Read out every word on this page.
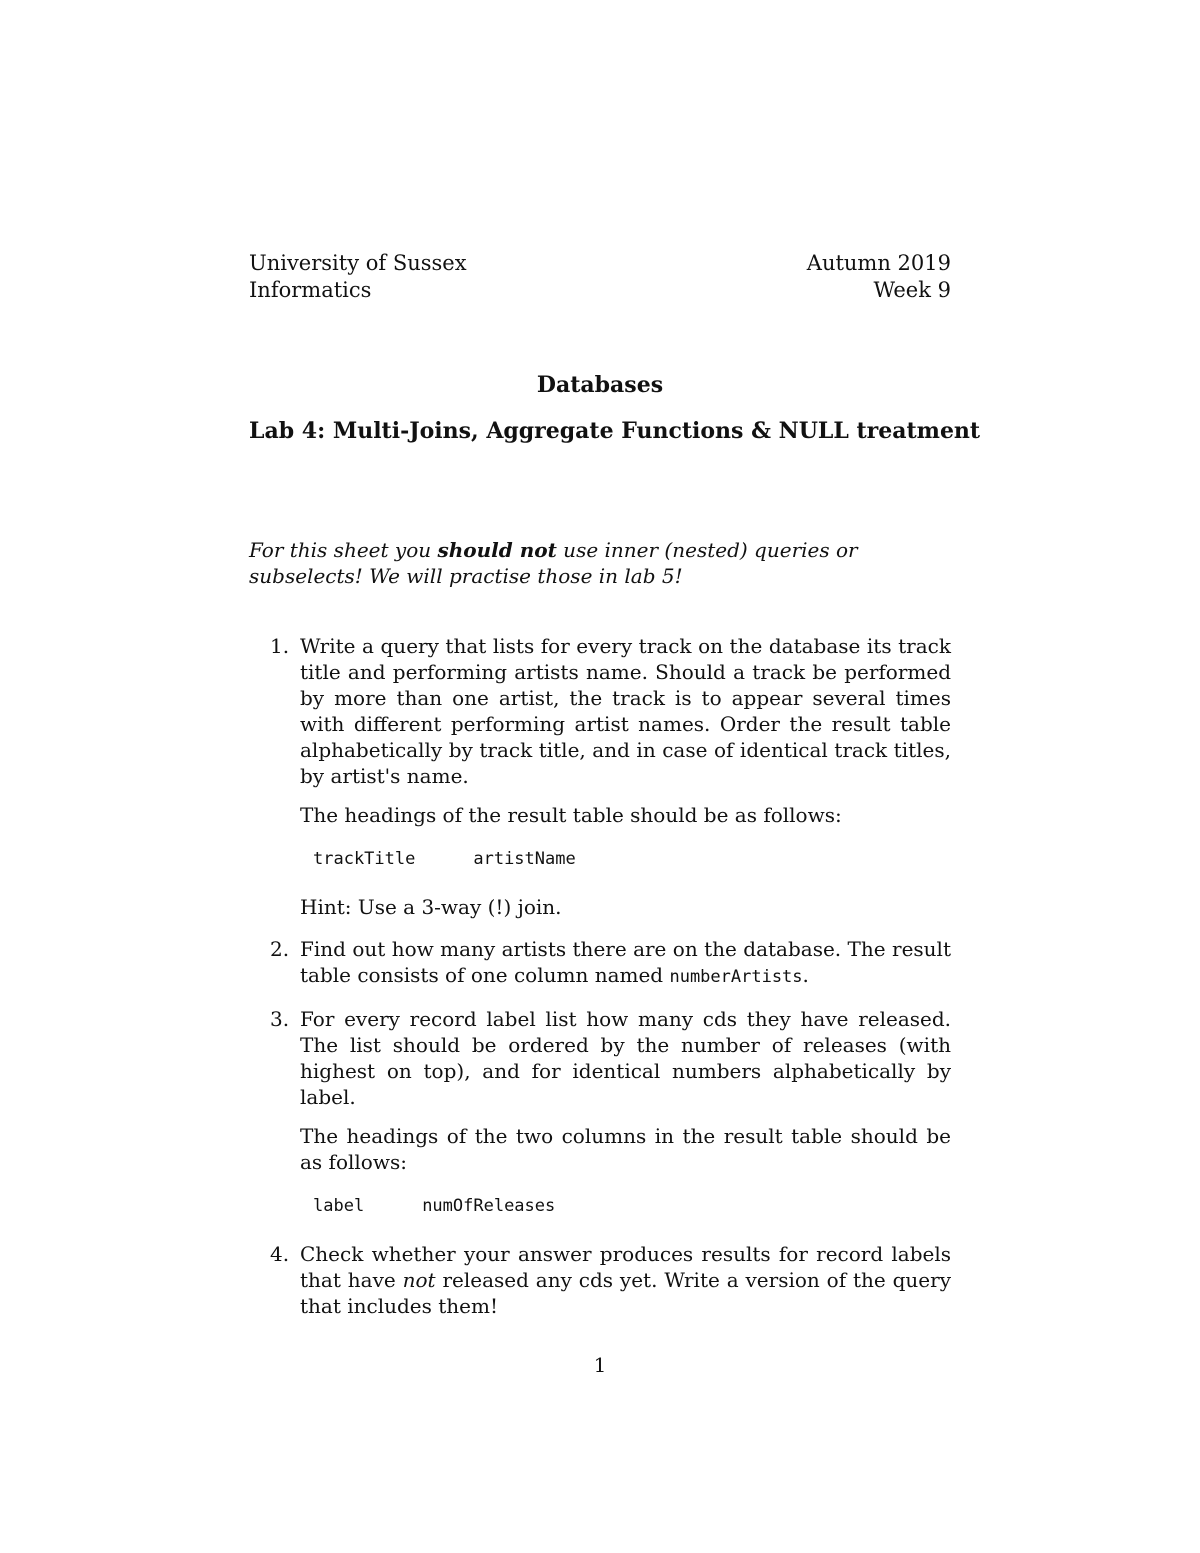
University of Sussex	Autumn 2019
Informatics	Week 9
Databases
Lab 4: Multi-Joins, Aggregate Functions & NULL treatment
For this sheet you should not use inner (nested) queries or subselects! We will practise those in lab 5!
1. Write a query that lists for every track on the database its track title and performing artists name. Should a track be performed by more than one artist, the track is to appear several times with different performing artist names. Order the result table alphabetically by track title, and in case of identical track titles, by artist's name.

The headings of the result table should be as follows:

trackTitle	artistName

Hint: Use a 3-way (!) join.

2. Find out how many artists there are on the database. The result table consists of one column named numberArtists.

3. For every record label list how many cds they have released. The list should be ordered by the number of releases (with highest on top), and for identical numbers alphabetically by label.

The headings of the two columns in the result table should be as follows:

label	numOfReleases
4. Check whether your answer produces results for record labels that have not released any cds yet. Write a version of the query that includes them!

1
